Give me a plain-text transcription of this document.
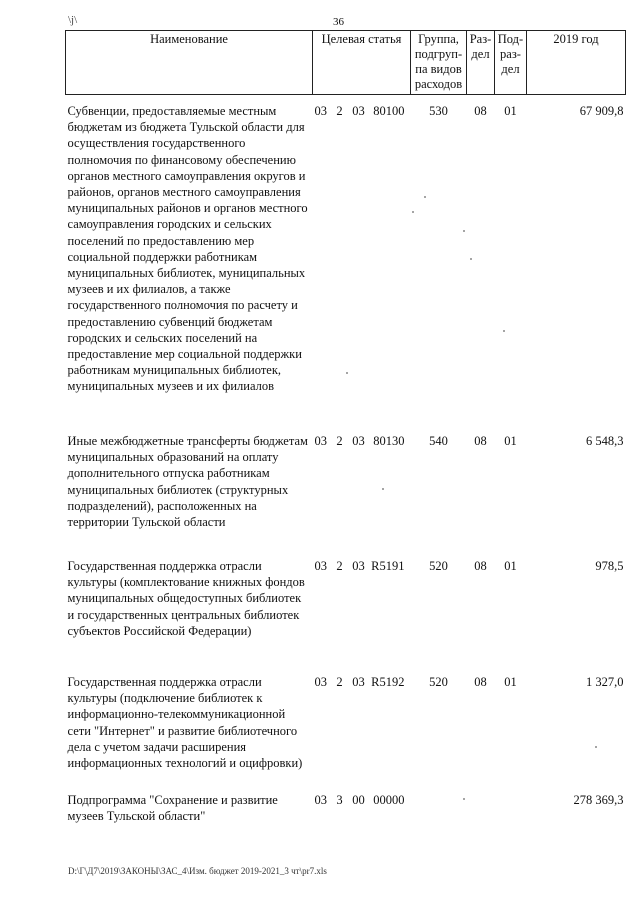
\j\	36
Наименование	Целевая статья	Группа, подгруп-па видов расходов	Раз-дел	Под-раз-дел	2019 год
Субвенции, предоставляемые местным бюджетам из бюджета Тульской области для осуществления государственного полномочия по финансовому обеспечению органов местного самоуправления округов и районов, органов местного самоуправления муниципальных районов и органов местного самоуправления городских и сельских поселений по предоставлению мер социальной поддержки работникам муниципальных библиотек, муниципальных музеев и их филиалов, а также государственного полномочия по расчету и предоставлению субвенций бюджетам городских и сельских поселений на предоставление мер социальной поддержки работникам муниципальных библиотек, муниципальных музеев и их филиалов	03 2 03 80100	530	08	01	67 909,8
Иные межбюджетные трансферты бюджетам муниципальных образований на оплату дополнительного отпуска работникам муниципальных библиотек (структурных подразделений), расположенных на территории Тульской области	03 2 03 80130	540	08	01	6 548,3
Государственная поддержка отрасли культуры (комплектование книжных фондов муниципальных общедоступных библиотек и государственных центральных библиотек субъектов Российской Федерации)	03 2 03 R5191	520	08	01	978,5
Государственная поддержка отрасли культуры (подключение библиотек к информационно-телекоммуникационной сети "Интернет" и развитие библиотечного дела с учетом задачи расширения информационных технологий и оцифровки)	03 2 03 R5192	520	08	01	1 327,0
Подпрограмма "Сохранение и развитие музеев Тульской области"	03 3 00 00000				278 369,3
D:\Г\Д7\2019\ЗАКОНЫ\ЗАС_4\Изм. бюджет 2019-2021_3 чт\pr7.xls
